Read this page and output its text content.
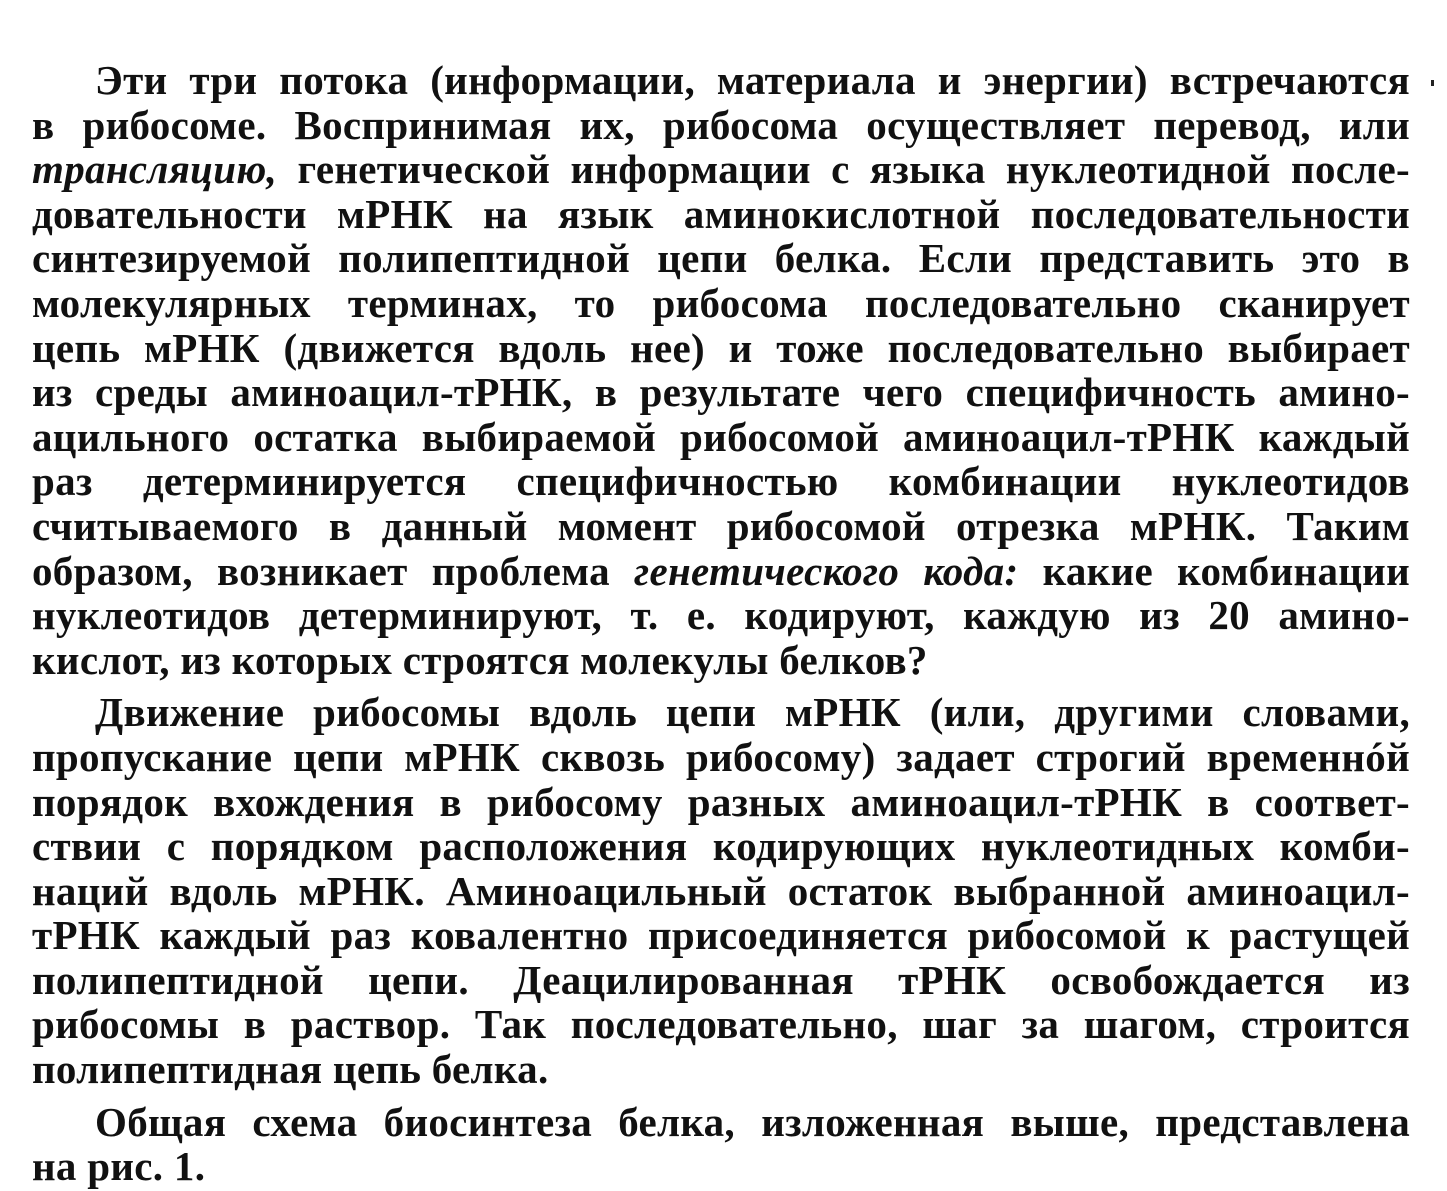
Эти три потока (информации, материала и энергии) встречаются
в рибосоме. Воспринимая их, рибосома осуществляет перевод, или
трансляцию, генетической информации с языка нуклеотидной после-
довательности мРНК на язык аминокислотной последовательности
синтезируемой полипептидной цепи белка. Если представить это в
молекулярных терминах, то рибосома последовательно сканирует
цепь мРНК (движется вдоль нее) и тоже последовательно выбирает
из среды аминоацил-тРНК, в результате чего специфичность амино-
ацильного остатка выбираемой рибосомой аминоацил-тРНК каждый
раз детерминируется специфичностью комбинации нуклеотидов
считываемого в данный момент рибосомой отрезка мРНК. Таким
образом, возникает проблема генетического кода: какие комбинации
нуклеотидов детерминируют, т. е. кодируют, каждую из 20 амино-
кислот, из которых строятся молекулы белков?
Движение рибосомы вдоль цепи мРНК (или, другими словами,
пропускание цепи мРНК сквозь рибосому) задает строгий временнóй
порядок вхождения в рибосому разных аминоацил-тРНК в соответ-
ствии с порядком расположения кодирующих нуклеотидных комби-
наций вдоль мРНК. Аминоацильный остаток выбранной аминоацил-
тРНК каждый раз ковалентно присоединяется рибосомой к растущей
полипептидной цепи. Деацилированная тРНК освобождается из
рибосомы в раствор. Так последовательно, шаг за шагом, строится
полипептидная цепь белка.
Общая схема биосинтеза белка, изложенная выше, представлена
на рис. 1.
